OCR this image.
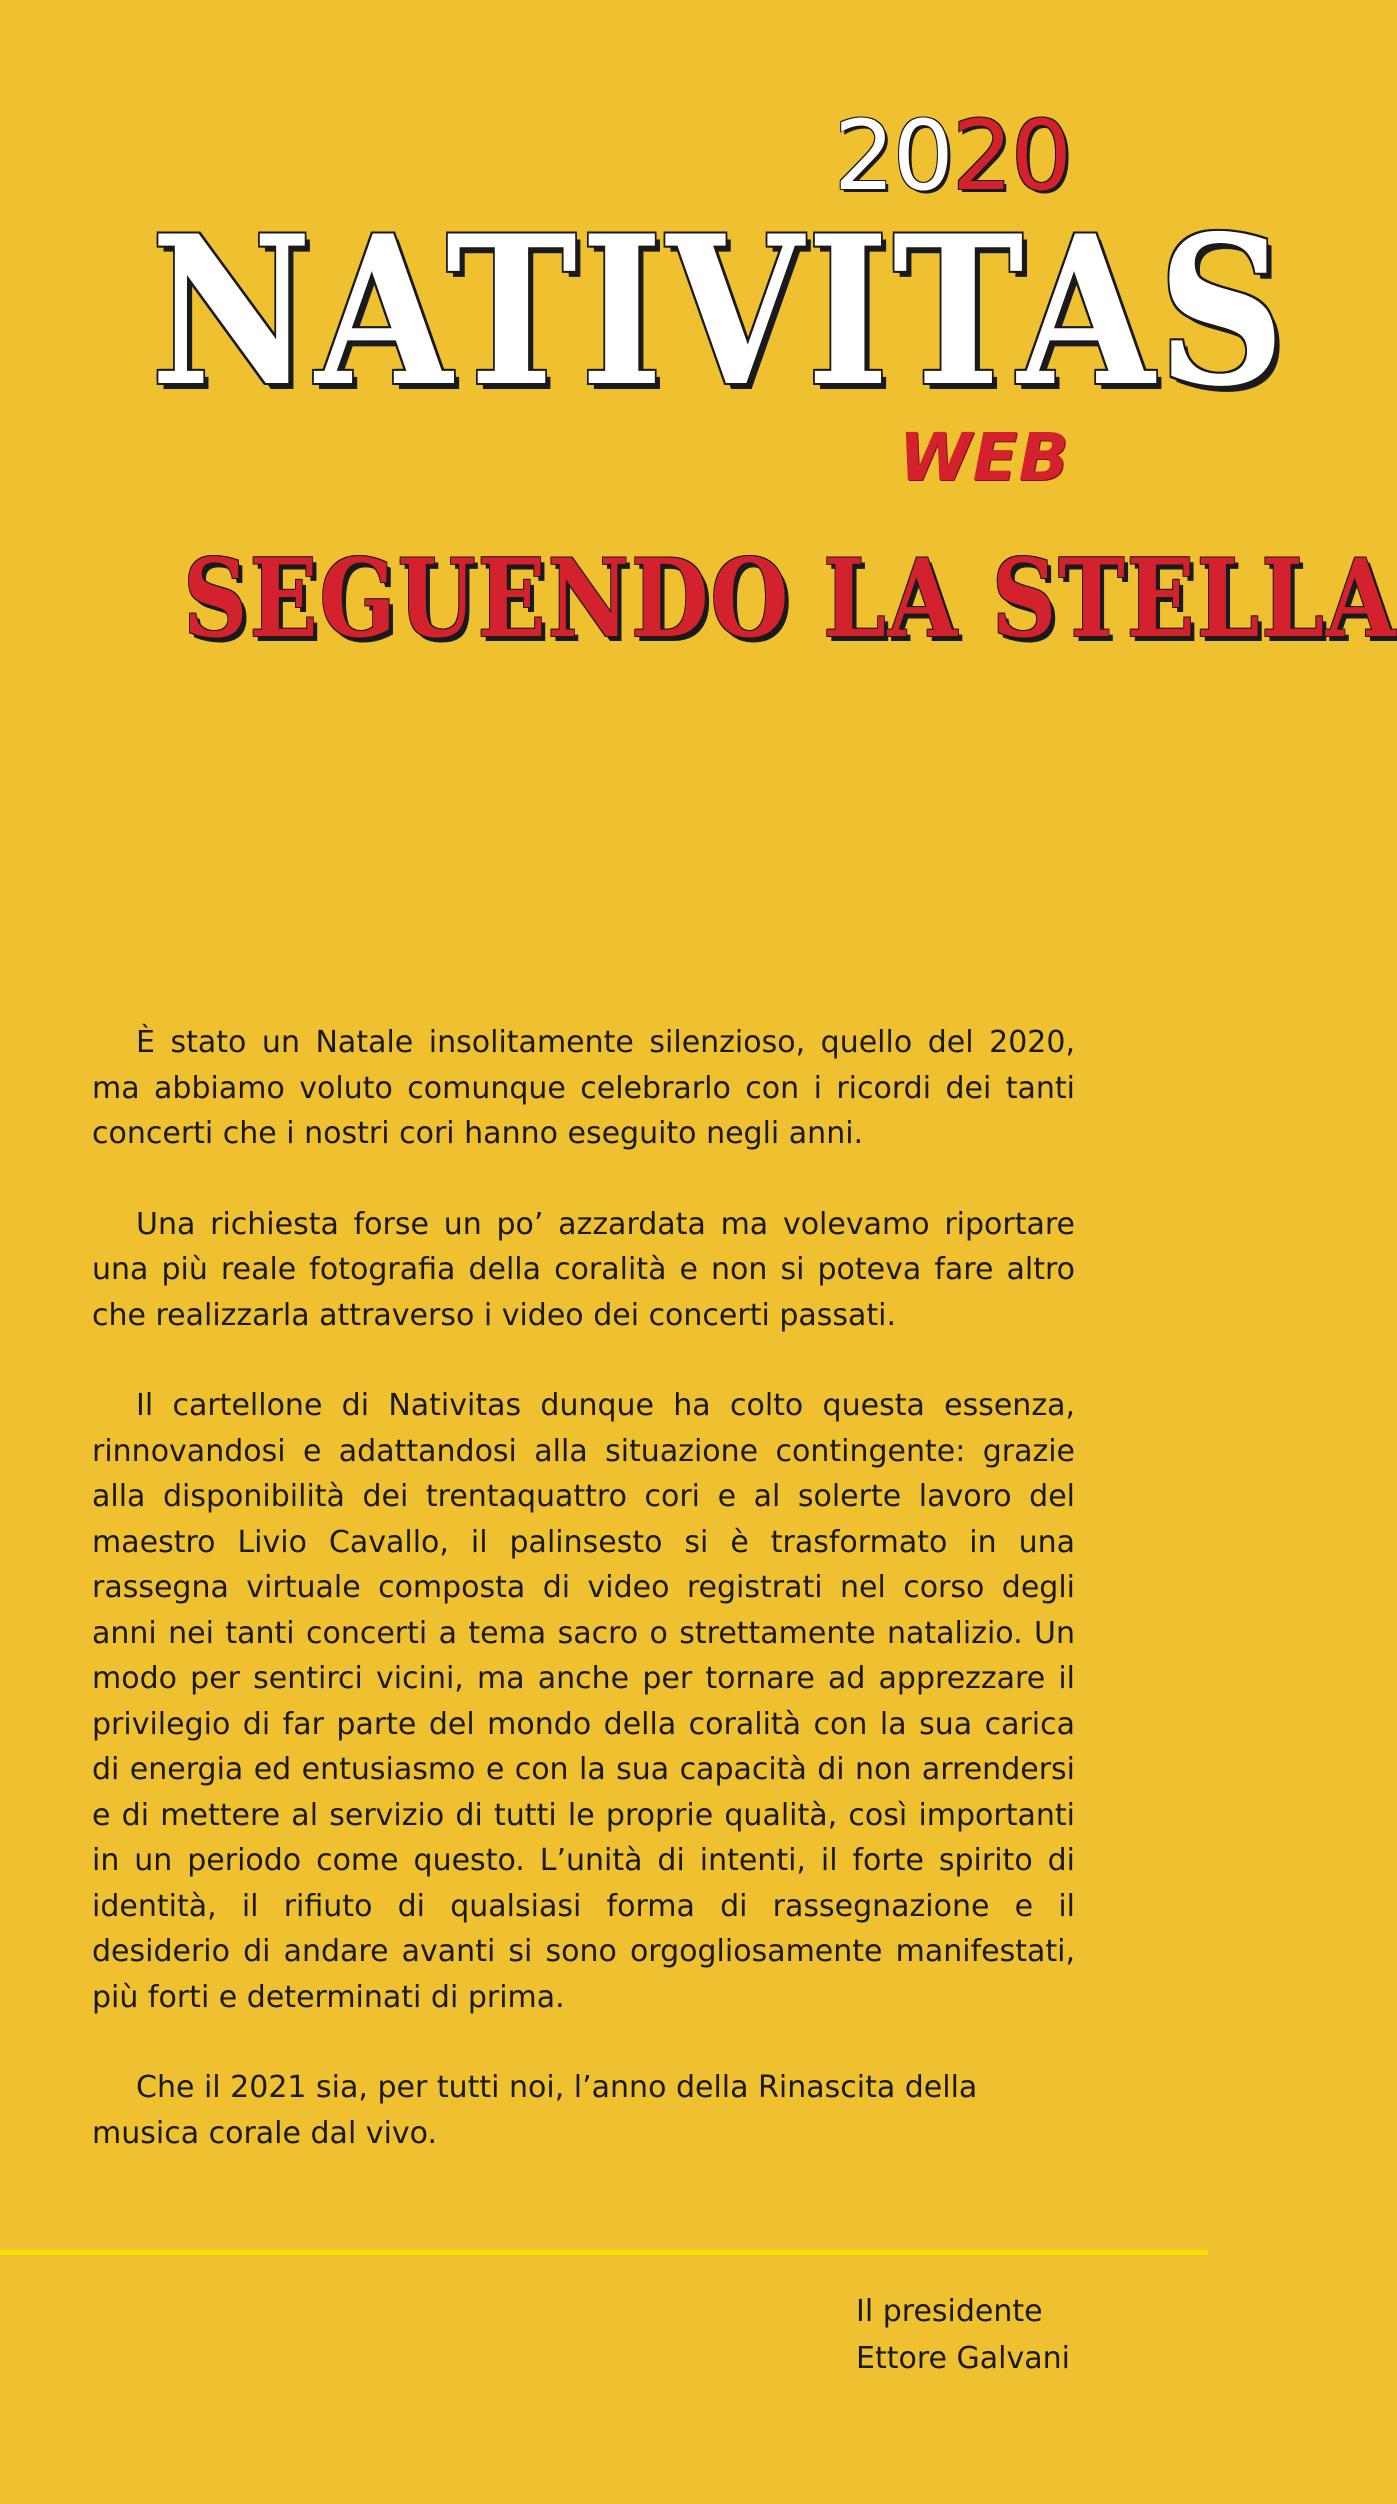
2020
NATIVITAS
WEB
SEGUENDO LA STELLA

È stato un Natale insolitamente silenzioso, quello del 2020, ma abbiamo voluto comunque celebrarlo con i ricordi dei tanti concerti che i nostri cori hanno eseguito negli anni.

Una richiesta forse un po’ azzardata ma volevamo riportare una più reale fotografia della coralità e non si poteva fare altro che realizzarla attraverso i video dei concerti passati.

Il cartellone di Nativitas dunque ha colto questa essenza, rinnovandosi e adattandosi alla situazione contingente: grazie alla disponibilità dei trentaquattro cori e al solerte lavoro del maestro Livio Cavallo, il palinsesto si è trasformato in una rassegna virtuale composta di video registrati nel corso degli anni nei tanti concerti a tema sacro o strettamente natalizio. Un modo per sentirci vicini, ma anche per tornare ad apprezzare il privilegio di far parte del mondo della coralità con la sua carica di energia ed entusiasmo e con la sua capacità di non arrendersi e di mettere al servizio di tutti le proprie qualità, così importanti in un periodo come questo. L’unità di intenti, il forte spirito di identità, il rifiuto di qualsiasi forma di rassegnazione e il desiderio di andare avanti si sono orgogliosamente manifestati, più forti e determinati di prima.

Che il 2021 sia, per tutti noi, l’anno della Rinascita della musica corale dal vivo.

Il presidente
Ettore Galvani
